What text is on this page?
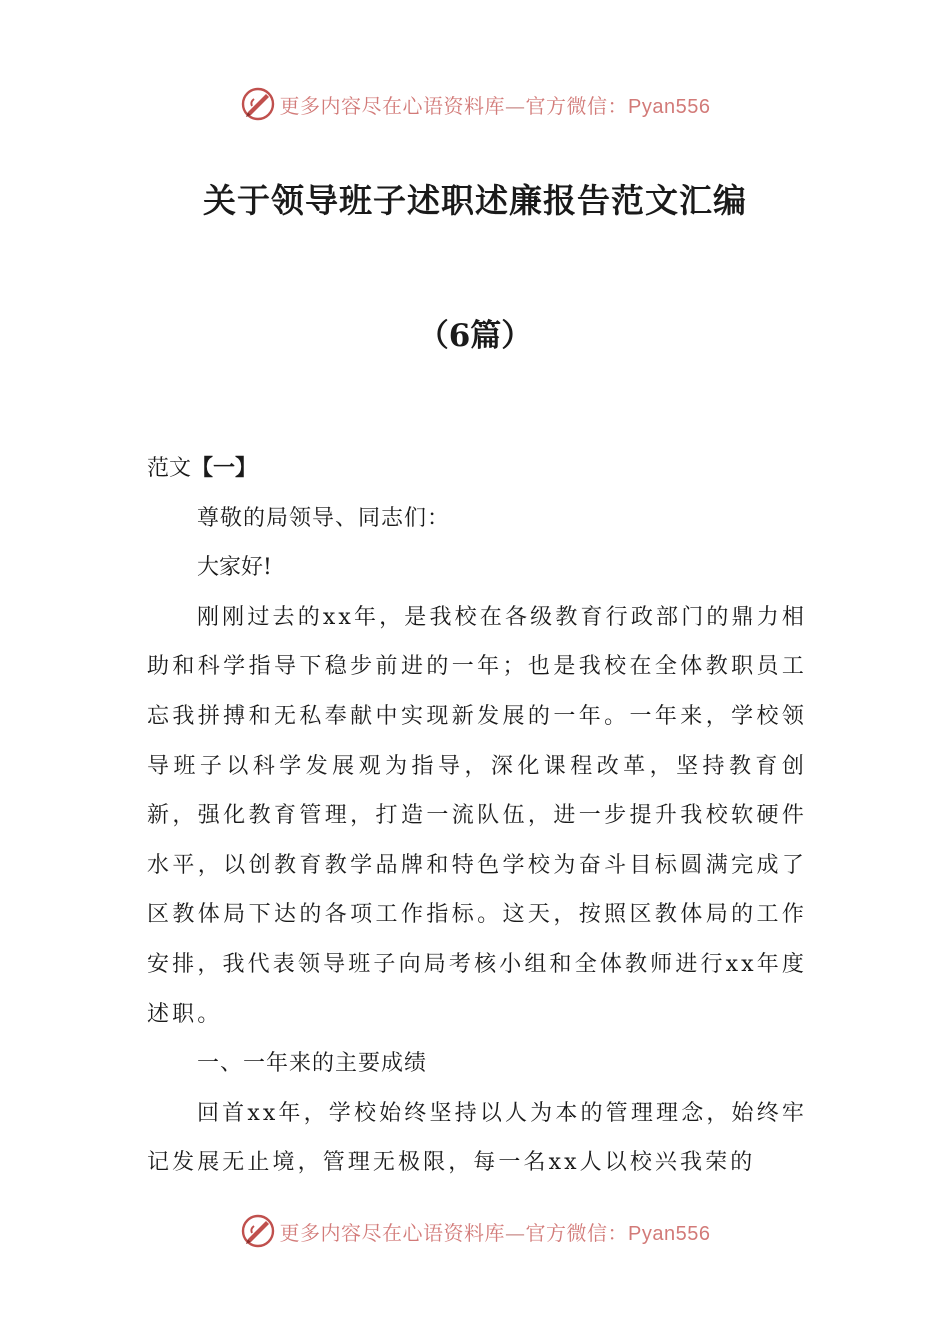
更多内容尽在心语资料库—官方微信：Pyan556
关于领导班子述职述廉报告范文汇编
（6篇）

范文【一】

尊敬的局领导、同志们：

大家好!

刚刚过去的xx年，是我校在各级教育行政部门的鼎力相助和科学指导下稳步前进的一年；也是我校在全体教职员工忘我拼搏和无私奉献中实现新发展的一年。一年来，学校领导班子以科学发展观为指导，深化课程改革，坚持教育创新，强化教育管理，打造一流队伍，进一步提升我校软硬件水平，以创教育教学品牌和特色学校为奋斗目标圆满完成了区教体局下达的各项工作指标。这天，按照区教体局的工作安排，我代表领导班子向局考核小组和全体教师进行xx年度述职。

一、一年来的主要成绩

回首xx年，学校始终坚持以人为本的管理理念，始终牢记发展无止境，管理无极限，每一名xx人以校兴我荣的

更多内容尽在心语资料库—官方微信：Pyan556
